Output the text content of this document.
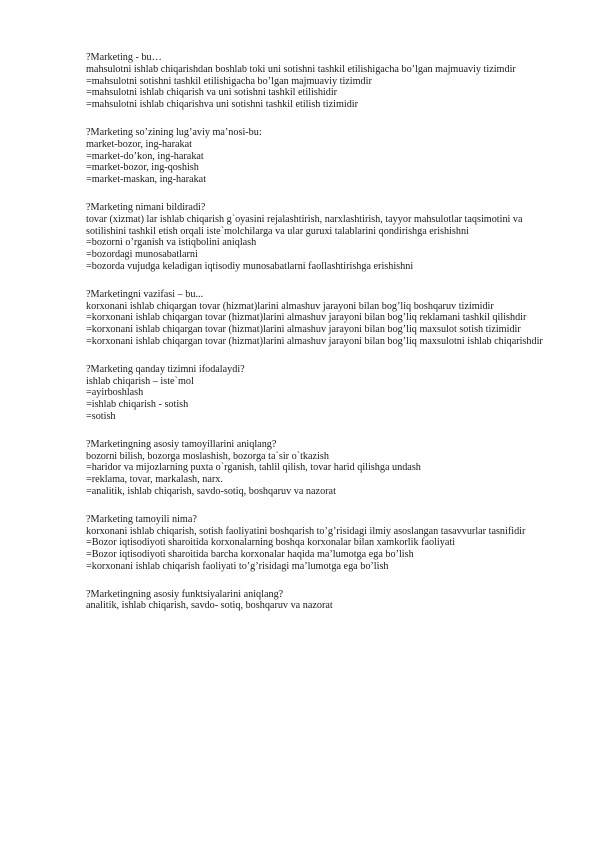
?Marketing - bu…

mahsulotni ishlab chiqarishdan boshlab toki uni sotishni tashkil etilishigacha bo’lgan majmuaviy tizimdir

=mahsulotni sotishni tashkil etilishigacha bo’lgan majmuaviy tizimdir

=mahsulotni ishlab chiqarish va uni sotishni tashkil etilishidir

=mahsulotni ishlab chiqarishva uni sotishni tashkil etilish tizimidir

?Marketing so’zining lug’aviy ma’nosi-bu:

market-bozor, ing-harakat

=market-do’kon, ing-harakat

=market-bozor, ing-qoshish

=market-maskan, ing-harakat

?Marketing nimani bildiradi?

tovar (xizmat) lar ishlab chiqarish g`oyasini rejalashtirish, narxlashtirish, tayyor mahsulotlar taqsimotini va sotilishini tashkil etish orqali iste`molchilarga va ular guruxi talablarini qondirishga erishishni

=bozorni o’rganish va istiqbolini aniqlash

=bozordagi munosabatlarni

=bozorda vujudga keladigan iqtisodiy munosabatlarni faollashtirishga erishishni

?Marketingni vazifasi – bu...

korxonani ishlab chiqargan tovar (hizmat)larini almashuv jarayoni bilan bog’liq boshqaruv tizimidir

=korxonani ishlab chiqargan tovar (hizmat)larini almashuv jarayoni bilan bog’liq reklamani tashkil qilishdir

=korxonani ishlab chiqargan tovar (hizmat)larini almashuv jarayoni bilan bog’liq maxsulot sotish tizimidir

=korxonani ishlab chiqargan tovar (hizmat)larini almashuv jarayoni bilan bog’liq maxsulotni ishlab chiqarishdir

?Marketing qanday tizimni ifodalaydi?

ishlab chiqarish – iste`mol

=ayirboshlash

=ishlab chiqarish - sotish

=sotish

?Marketingning asosiy tamoyillarini aniqlang?

bozorni bilish, bozorga moslashish, bozorga ta`sir o`tkazish

=haridor va mijozlarning puxta o`rganish, tahlil qilish, tovar harid qilishga undash

=reklama, tovar, markalash, narx.

=analitik, ishlab chiqarish, savdo-sotiq, boshqaruv va nazorat

?Marketing tamoyili nima?

korxonani ishlab chiqarish, sotish faoliyatini boshqarish to’g’risidagi ilmiy asoslangan tasavvurlar tasnifidir

=Bozor iqtisodiyoti sharoitida korxonalarning boshqa korxonalar bilan xamkorlik faoliyati

=Bozor iqtisodiyoti sharoitida barcha korxonalar haqida ma’lumotga ega bo’lish

=korxonani ishlab chiqarish faoliyati to’g’risidagi ma’lumotga ega bo’lish

?Marketingning asosiy funktsiyalarini aniqlang?

analitik, ishlab chiqarish, savdo- sotiq, boshqaruv va nazorat
